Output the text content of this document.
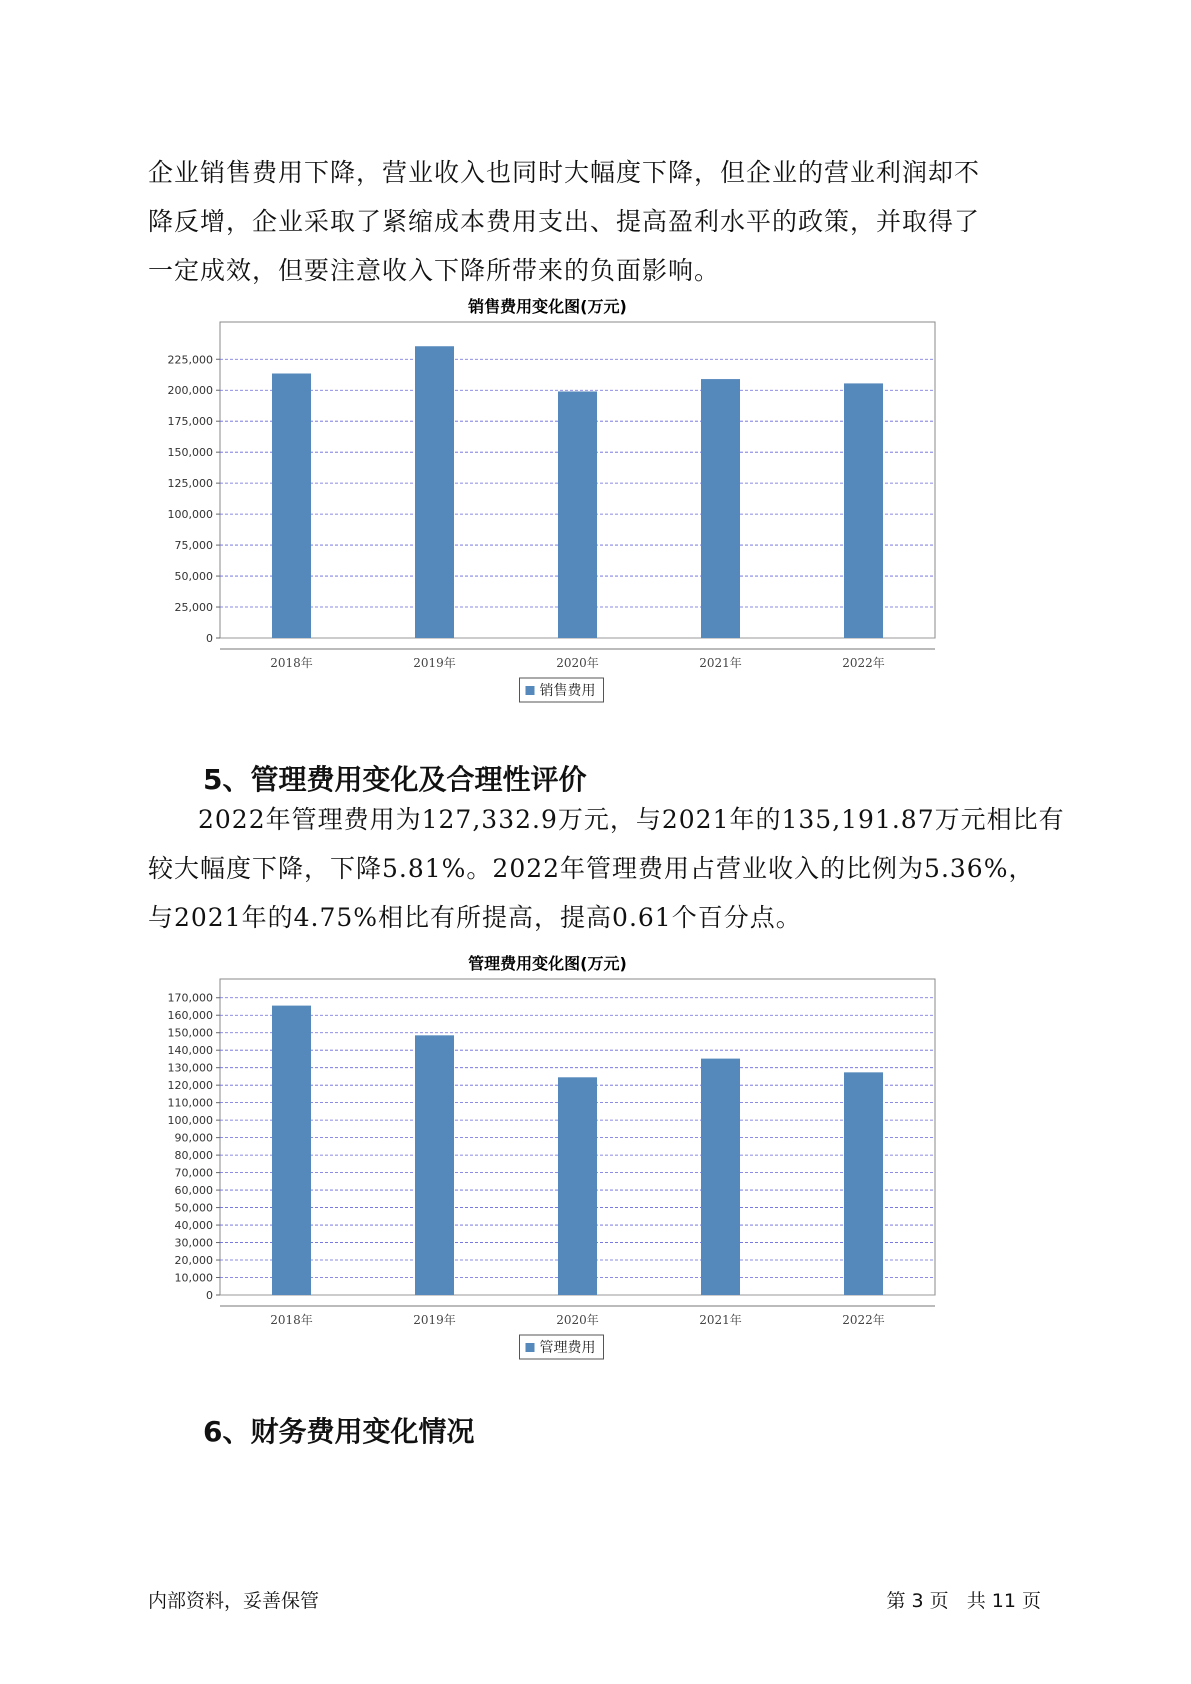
企业销售费用下降，营业收入也同时大幅度下降，但企业的营业利润却不
降反增，企业采取了紧缩成本费用支出、提高盈利水平的政策，并取得了
一定成效，但要注意收入下降所带来的负面影响。
销售费用变化图(万元)
0
25,000
50,000
75,000
100,000
125,000
150,000
175,000
200,000
225,000
2018年	2019年	2020年	2021年	2022年
销售费用
5、管理费用变化及合理性评价
2022年管理费用为127,332.9万元，与2021年的135,191.87万元相比有
较大幅度下降，下降5.81%。2022年管理费用占营业收入的比例为5.36%，
与2021年的4.75%相比有所提高，提高0.61个百分点。
管理费用变化图(万元)
0
10,000
20,000
30,000
40,000
50,000
60,000
70,000
80,000
90,000
100,000
110,000
120,000
130,000
140,000
150,000
160,000
170,000
2018年	2019年	2020年	2021年	2022年
管理费用
6、财务费用变化情况
内部资料，妥善保管	第 3 页   共 11 页
